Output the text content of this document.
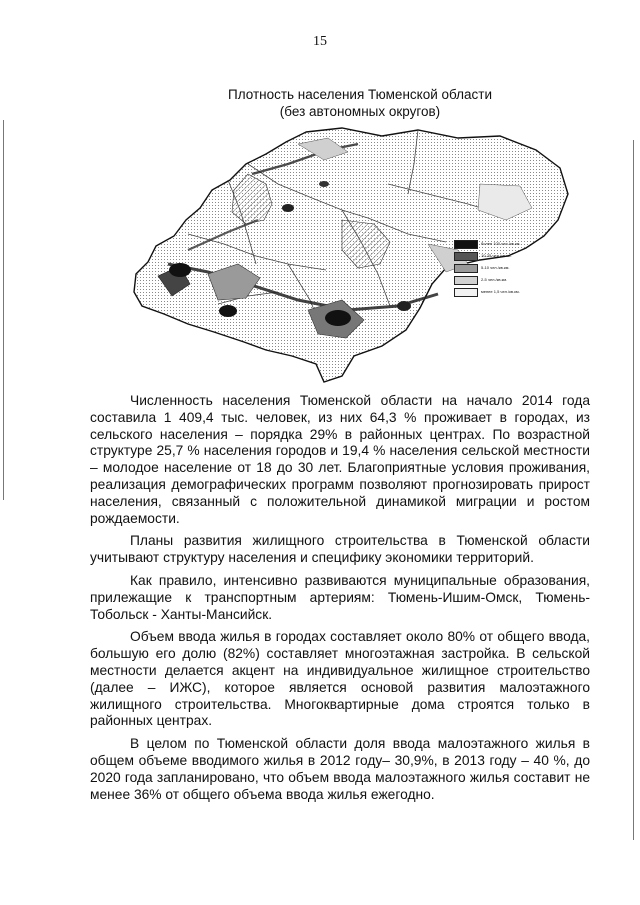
15
Плотность населения Тюменской области
(без автономных округов)
более 100 чел./кв.км.
10-25 чел./кв.км.
5-10 чел./кв.км.
2-5 чел./кв.км.
менее 1,5 чел./кв.км.

Численность населения Тюменской области на начало 2014 года составила 1 409,4 тыс. человек, из них 64,3 % проживает в городах, из сельского населения – порядка 29% в районных центрах. По возрастной структуре 25,7 % населения городов и 19,4 % населения сельской местности – молодое население от 18 до 30 лет. Благоприятные условия проживания, реализация демографических программ позволяют прогнозировать прирост населения, связанный с положительной динамикой миграции и ростом рождаемости.

Планы развития жилищного строительства в Тюменской области учитывают структуру населения и специфику экономики территорий.

Как правило, интенсивно развиваются муниципальные образования, прилежащие к транспортным артериям: Тюмень-Ишим-Омск, Тюмень-Тобольск - Ханты-Мансийск.

Объем ввода жилья в городах составляет около 80% от общего ввода, большую его долю (82%) составляет многоэтажная застройка. В сельской местности делается акцент на индивидуальное жилищное строительство (далее – ИЖС), которое является основой развития малоэтажного жилищного строительства. Многоквартирные дома строятся только в районных центрах.

В целом по Тюменской области доля ввода малоэтажного жилья в общем объеме вводимого жилья в 2012 году– 30,9%, в 2013 году – 40 %, до 2020 года запланировано, что объем ввода малоэтажного жилья составит не менее 36% от общего объема ввода жилья ежегодно.
